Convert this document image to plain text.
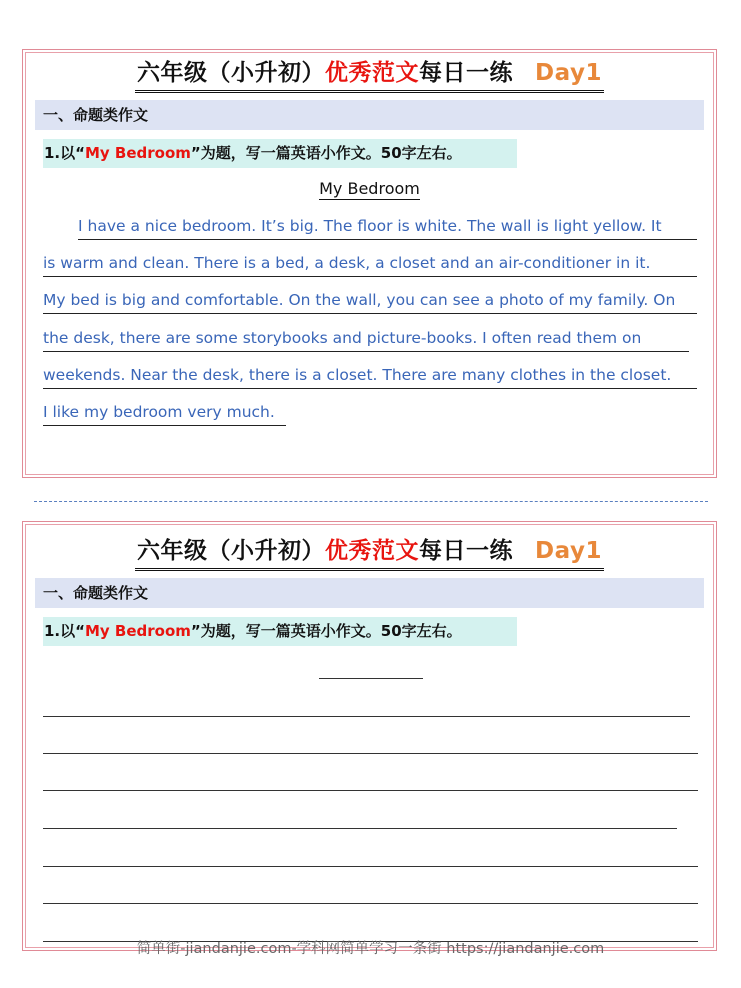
六年级（小升初）优秀范文每日一练 Day1
一、命题类作文
1.以“My Bedroom”为题，写一篇英语小作文。50字左右。
My Bedroom
I have a nice bedroom. It’s big. The floor is white. The wall is light yellow. It
is warm and clean. There is a bed, a desk, a closet and an air-conditioner in it.
My bed is big and comfortable. On the wall, you can see a photo of my family. On
the desk, there are some storybooks and picture-books. I often read them on
weekends. Near the desk, there is a closet. There are many clothes in the closet.
I like my bedroom very much.
六年级（小升初）优秀范文每日一练 Day1
一、命题类作文
1.以“My Bedroom”为题，写一篇英语小作文。50字左右。
简单街-jiandanjie.com-学科网简单学习一条街 https://jiandanjie.com
